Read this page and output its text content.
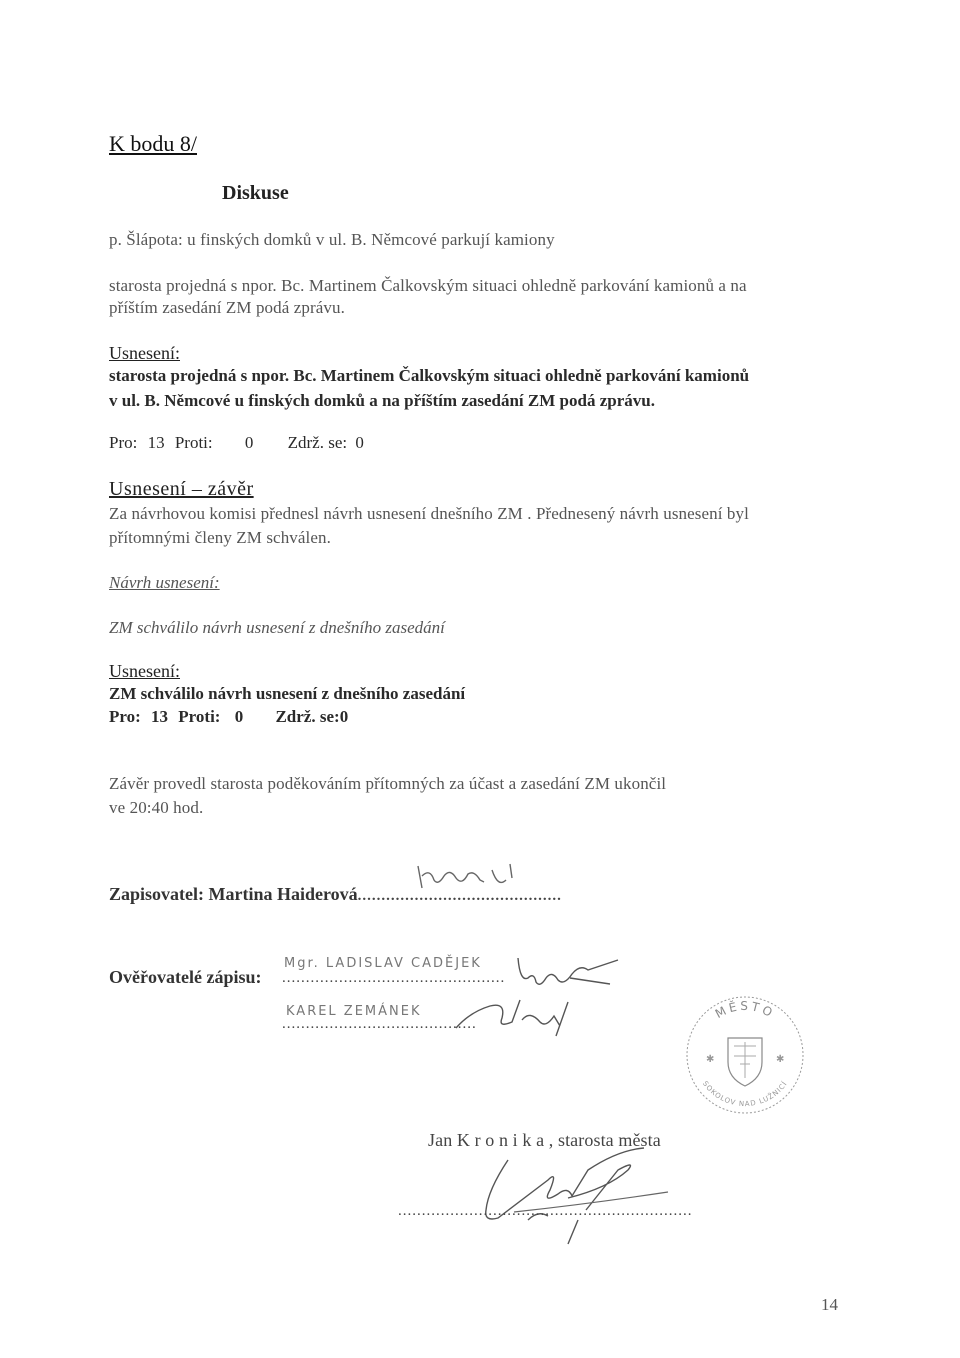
K bodu 8/
Diskuse
p. Šlápota: u finských domků v ul. B. Němcové parkují kamiony
starosta projedná s npor. Bc. Martinem Čalkovským situaci ohledně parkování kamionů a na
příštím zasedání ZM podá zprávu.
Usnesení:
starosta projedná s npor. Bc. Martinem Čalkovským situaci ohledně parkování kamionů
v ul. B. Němcové u finských domků a na příštím zasedání ZM podá zprávu.
Pro: 13 Proti: 0 Zdrž. se: 0
Usnesení – závěr
Za návrhovou komisi přednesl návrh usnesení dnešního ZM . Přednesený návrh usnesení byl
přítomnými členy ZM schválen.
Návrh usnesení:
ZM schválilo návrh usnesení z dnešního zasedání
Usnesení:
ZM schválilo návrh usnesení z dnešního zasedání
Pro: 13 Proti: 0 Zdrž. se:0
Závěr provedl starosta poděkováním přítomných za účast a zasedání ZM ukončil
ve 20:40 hod.
Zapisovatel: Martina Haiderová...........................................
Ověřovatelé zápisu: ...............................................
Mgr. LADISLAV CADĚJEK
.........................................
KAREL ZEMÁNEK	MĚSTO
SOKOLOV NAD LUŽNICÍ
✱	✱
Jan K r o n i k a , starosta města
..............................................................
14
